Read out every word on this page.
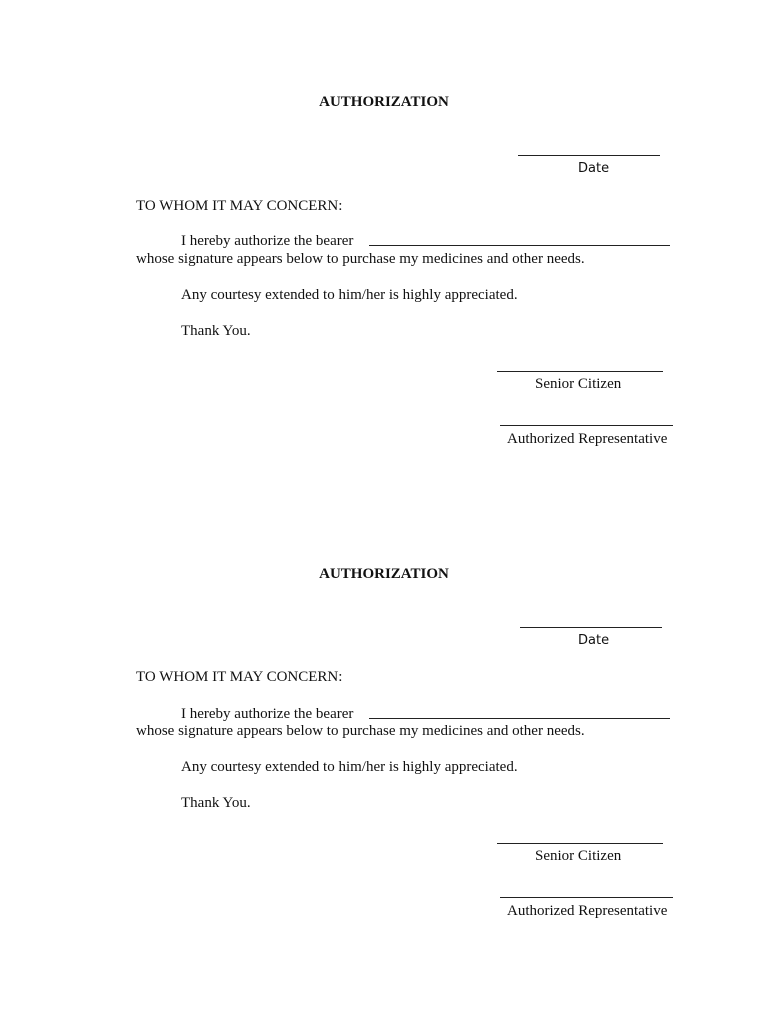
AUTHORIZATION
Date
TO WHOM IT MAY CONCERN:
I hereby authorize the bearer
whose signature appears below to purchase my medicines and other needs.
Any courtesy extended to him/her is highly appreciated.
Thank You.
Senior Citizen
Authorized Representative
AUTHORIZATION
Date
TO WHOM IT MAY CONCERN:
I hereby authorize the bearer
whose signature appears below to purchase my medicines and other needs.
Any courtesy extended to him/her is highly appreciated.
Thank You.
Senior Citizen
Authorized Representative
